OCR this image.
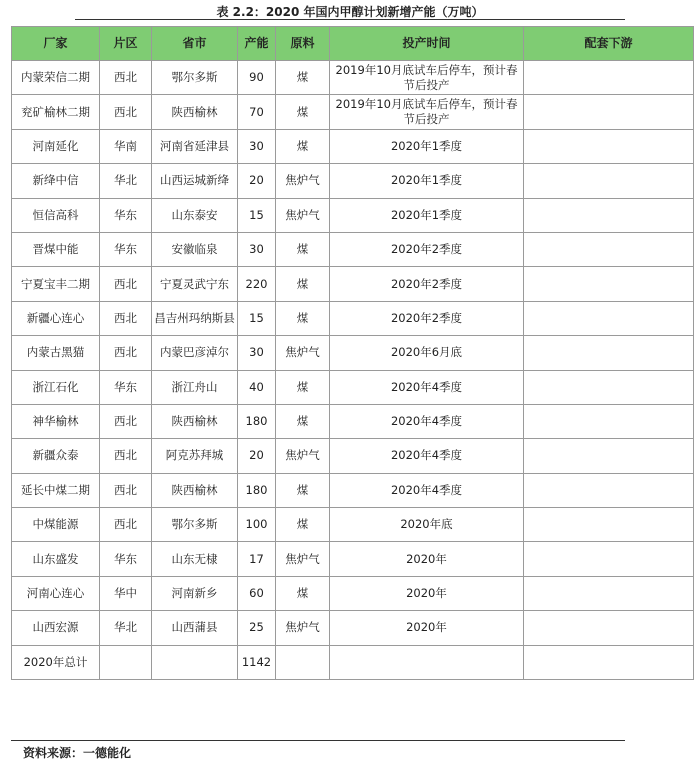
表 2.2：2020 年国内甲醇计划新增产能（万吨）
厂家	片区	省市	产能	原料	投产时间	配套下游
内蒙荣信二期	西北	鄂尔多斯	90	煤	2019年10月底试车后停车，预计春节后投产	
兖矿榆林二期	西北	陕西榆林	70	煤	2019年10月底试车后停车，预计春节后投产	
河南延化	华南	河南省延津县	30	煤	2020年1季度	
新绛中信	华北	山西运城新绛	20	焦炉气	2020年1季度	
恒信高科	华东	山东泰安	15	焦炉气	2020年1季度	
晋煤中能	华东	安徽临泉	30	煤	2020年2季度	
宁夏宝丰二期	西北	宁夏灵武宁东	220	煤	2020年2季度	
新疆心连心	西北	昌吉州玛纳斯县	15	煤	2020年2季度	
内蒙古黑猫	西北	内蒙巴彦淖尔	30	焦炉气	2020年6月底	
浙江石化	华东	浙江舟山	40	煤	2020年4季度	
神华榆林	西北	陕西榆林	180	煤	2020年4季度	
新疆众泰	西北	阿克苏拜城	20	焦炉气	2020年4季度	
延长中煤二期	西北	陕西榆林	180	煤	2020年4季度	
中煤能源	西北	鄂尔多斯	100	煤	2020年底	
山东盛发	华东	山东无棣	17	焦炉气	2020年	
河南心连心	华中	河南新乡	60	煤	2020年	
山西宏源	华北	山西蒲县	25	焦炉气	2020年	
2020年总计			1142			
资料来源：一德能化
